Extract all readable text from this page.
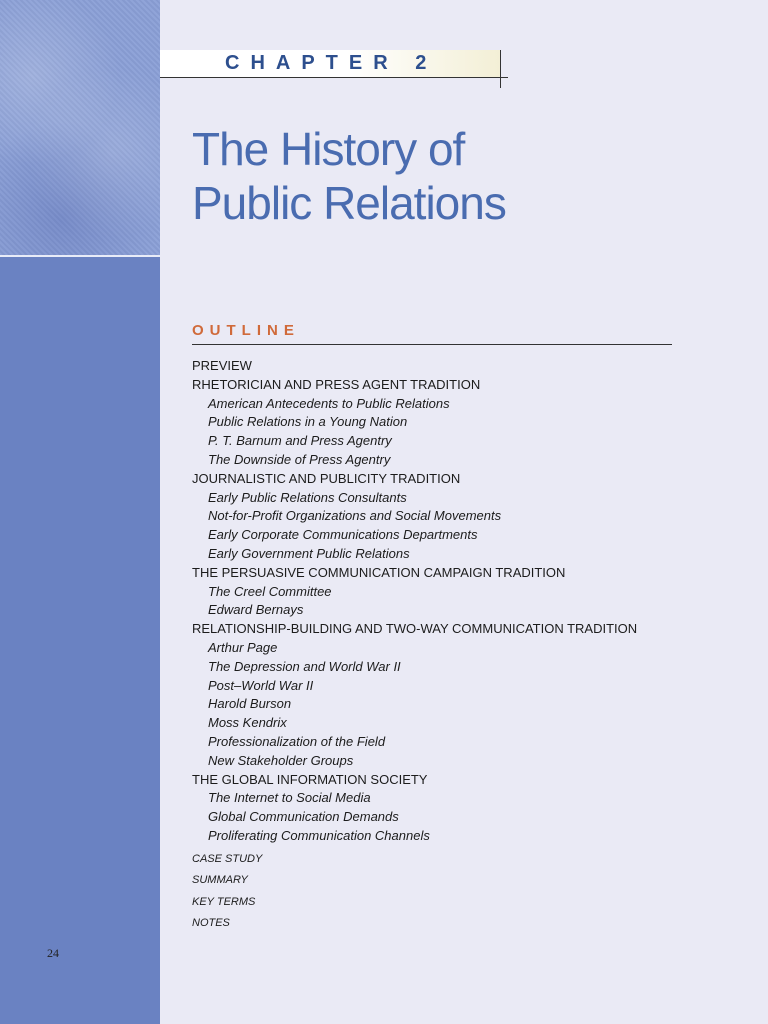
24
CHAPTER 2
The History of
Public Relations
OUTLINE
PREVIEW
RHETORICIAN AND PRESS AGENT TRADITION
American Antecedents to Public Relations
Public Relations in a Young Nation
P. T. Barnum and Press Agentry
The Downside of Press Agentry
JOURNALISTIC AND PUBLICITY TRADITION
Early Public Relations Consultants
Not-for-Profit Organizations and Social Movements
Early Corporate Communications Departments
Early Government Public Relations
THE PERSUASIVE COMMUNICATION CAMPAIGN TRADITION
The Creel Committee
Edward Bernays
RELATIONSHIP-BUILDING AND TWO-WAY COMMUNICATION TRADITION
Arthur Page
The Depression and World War II
Post–World War II
Harold Burson
Moss Kendrix
Professionalization of the Field
New Stakeholder Groups
THE GLOBAL INFORMATION SOCIETY
The Internet to Social Media
Global Communication Demands
Proliferating Communication Channels
CASE STUDY
SUMMARY
KEY TERMS
NOTES
